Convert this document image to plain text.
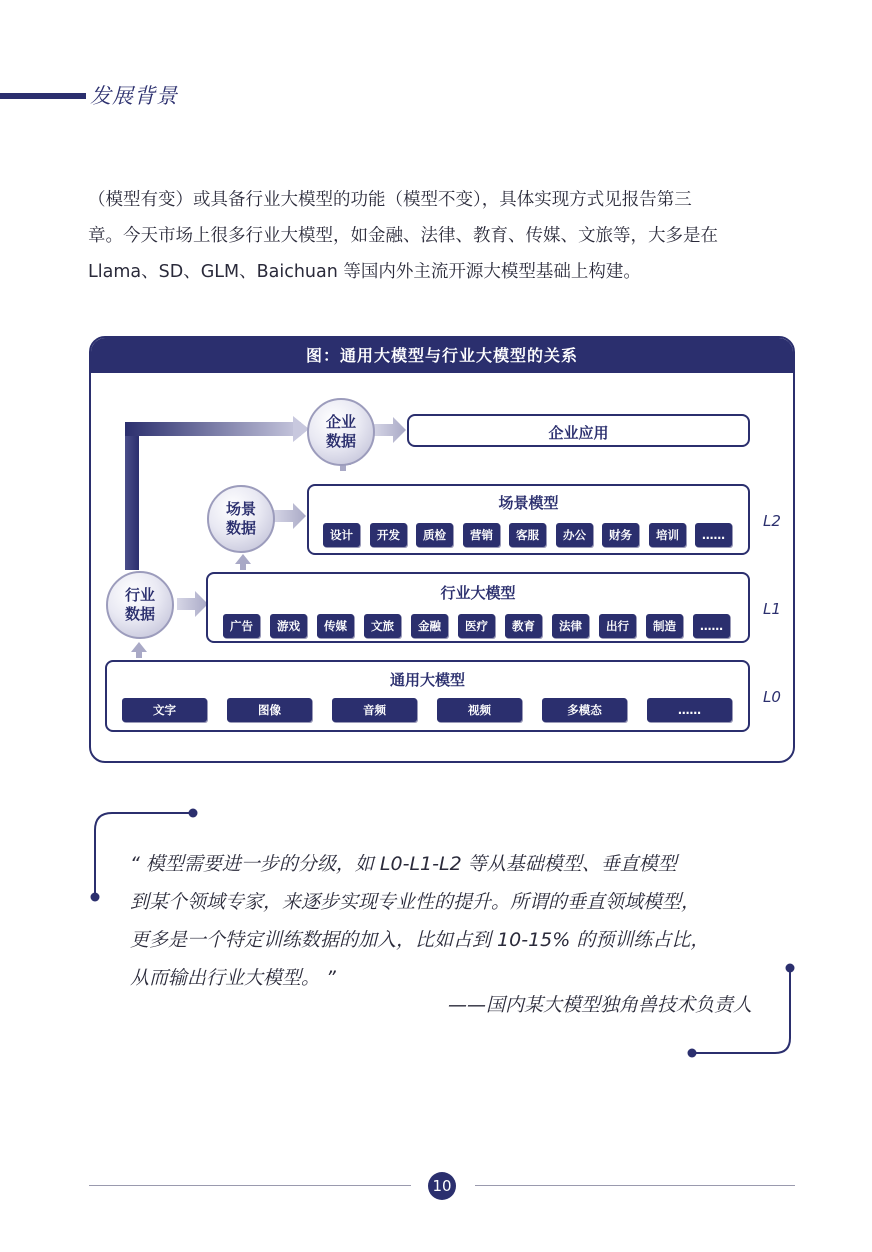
发展背景
（模型有变）或具备行业大模型的功能（模型不变），具体实现方式见报告第三
章。今天市场上很多行业大模型，如金融、法律、教育、传媒、文旅等，大多是在
Llama、SD、GLM、Baichuan 等国内外主流开源大模型基础上构建。
图：通用大模型与行业大模型的关系
企业
数据
场景
数据
行业
数据
企业应用
场景模型
设计	开发	质检	营销	客服	办公	财务	培训	……
L2
行业大模型
广告	游戏	传媒	文旅	金融	医疗	教育	法律	出行	制造	……
L1
通用大模型
文字	图像	音频	视频	多模态	……
L0
“ 模型需要进一步的分级，如 L0-L1-L2 等从基础模型、垂直模型
到某个领域专家，来逐步实现专业性的提升。所谓的垂直领域模型，
更多是一个特定训练数据的加入，比如占到 10-15% 的预训练占比，
从而输出行业大模型。 ”
——国内某大模型独角兽技术负责人
10
